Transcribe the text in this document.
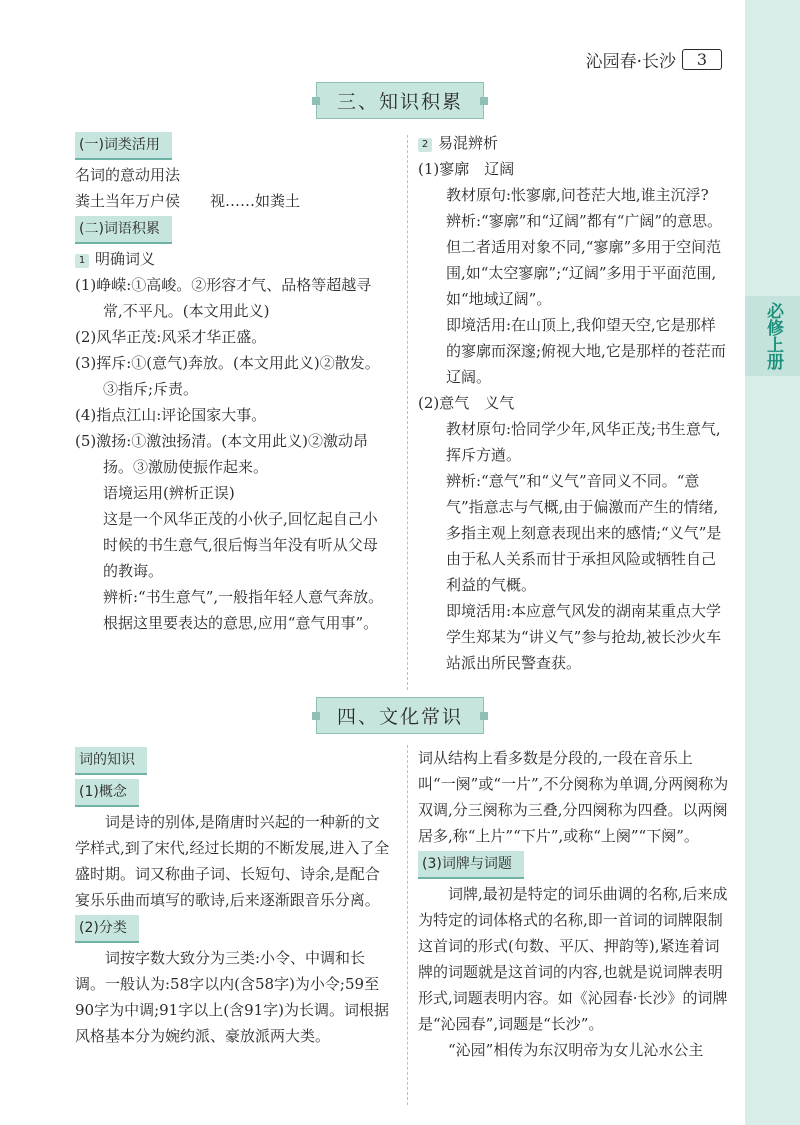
必修上册
沁园春·长沙	3
三、知识积累

(一)词类活用

名词的意动用法

粪土当年万户侯　　视……如粪土

(二)词语积累

1 明确词义

(1)峥嵘:①高峻。②形容才气、品格等超越寻常,不平凡。(本文用此义)

(2)风华正茂:风采才华正盛。

(3)挥斥:①(意气)奔放。(本文用此义)②散发。③指斥;斥责。

(4)指点江山:评论国家大事。

(5)激扬:①激浊扬清。(本文用此义)②激动昂扬。③激励使振作起来。

语境运用(辨析正误)

这是一个风华正茂的小伙子,回忆起自己小时候的书生意气,很后悔当年没有听从父母的教诲。

辨析:“书生意气”,一般指年轻人意气奔放。根据这里要表达的意思,应用“意气用事”。

2 易混辨析

(1)寥廓　辽阔

教材原句:怅寥廓,问苍茫大地,谁主沉浮?

辨析:“寥廓”和“辽阔”都有“广阔”的意思。但二者适用对象不同,“寥廓”多用于空间范围,如“太空寥廓”;“辽阔”多用于平面范围,如“地域辽阔”。

即境活用:在山顶上,我仰望天空,它是那样的寥廓而深邃;俯视大地,它是那样的苍茫而辽阔。

(2)意气　义气

教材原句:恰同学少年,风华正茂;书生意气,挥斥方遒。

辨析:“意气”和“义气”音同义不同。“意气”指意志与气概,由于偏激而产生的情绪,多指主观上刻意表现出来的感情;“义气”是由于私人关系而甘于承担风险或牺牲自己利益的气概。

即境活用:本应意气风发的湖南某重点大学学生郑某为“讲义气”参与抢劫,被长沙火车站派出所民警查获。

四、文化常识

词的知识

(1)概念

词是诗的别体,是隋唐时兴起的一种新的文学样式,到了宋代,经过长期的不断发展,进入了全盛时期。词又称曲子词、长短句、诗余,是配合宴乐乐曲而填写的歌诗,后来逐渐跟音乐分离。

(2)分类

词按字数大致分为三类:小令、中调和长调。一般认为:58字以内(含58字)为小令;59至90字为中调;91字以上(含91字)为长调。词根据风格基本分为婉约派、豪放派两大类。

词从结构上看多数是分段的,一段在音乐上叫“一阕”或“一片”,不分阕称为单调,分两阕称为双调,分三阕称为三叠,分四阕称为四叠。以两阕居多,称“上片”“下片”,或称“上阕”“下阕”。

(3)词牌与词题

词牌,最初是特定的词乐曲调的名称,后来成为特定的词体格式的名称,即一首词的词牌限制这首词的形式(句数、平仄、押韵等),紧连着词牌的词题就是这首词的内容,也就是说词牌表明形式,词题表明内容。如《沁园春·长沙》的词牌是“沁园春”,词题是“长沙”。

“沁园”相传为东汉明帝为女儿沁水公主
